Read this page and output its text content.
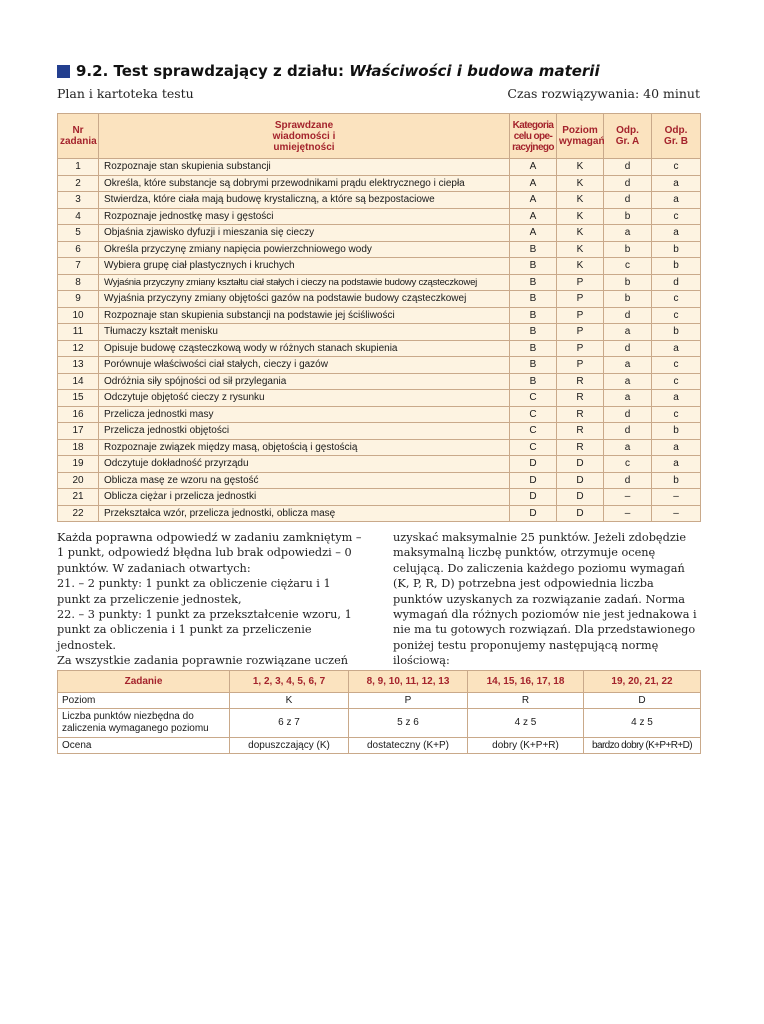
9.2. Test sprawdzający z działu: Właściwości i budowa materii
Plan i kartoteka testu	Czas rozwiązywania: 40 minut
Nr zadania	Sprawdzane wiadomości i umiejętności	Kategoria celu ope-racyjnego	Poziom wymagań	Odp. Gr. A	Odp. Gr. B
1	Rozpoznaje stan skupienia substancji	A	K	d	c
2	Określa, które substancje są dobrymi przewodnikami prądu elektrycznego i ciepła	A	K	d	a
3	Stwierdza, które ciała mają budowę krystaliczną, a które są bezpostaciowe	A	K	d	a
4	Rozpoznaje jednostkę masy i gęstości	A	K	b	c
5	Objaśnia zjawisko dyfuzji i mieszania się cieczy	A	K	a	a
6	Określa przyczynę zmiany napięcia powierzchniowego wody	B	K	b	b
7	Wybiera grupę ciał plastycznych i kruchych	B	K	c	b
8	Wyjaśnia przyczyny zmiany kształtu ciał stałych i cieczy na podstawie budowy cząsteczkowej	B	P	b	d
9	Wyjaśnia przyczyny zmiany objętości gazów na podstawie budowy cząsteczkowej	B	P	b	c
10	Rozpoznaje stan skupienia substancji na podstawie jej ściśliwości	B	P	d	c
11	Tłumaczy kształt menisku	B	P	a	b
12	Opisuje budowę cząsteczkową wody w różnych stanach skupienia	B	P	d	a
13	Porównuje właściwości ciał stałych, cieczy i gazów	B	P	a	c
14	Odróżnia siły spójności od sił przylegania	B	R	a	c
15	Odczytuje objętość cieczy z rysunku	C	R	a	a
16	Przelicza jednostki masy	C	R	d	c
17	Przelicza jednostki objętości	C	R	d	b
18	Rozpoznaje związek między masą, objętością i gęstością	C	R	a	a
19	Odczytuje dokładność przyrządu	D	D	c	a
20	Oblicza masę ze wzoru na gęstość	D	D	d	b
21	Oblicza ciężar i przelicza jednostki	D	D	–	–
22	Przekształca wzór, przelicza jednostki, oblicza masę	D	D	–	–

Każda poprawna odpowiedź w zadaniu zamkniętym – 1 punkt, odpowiedź błędna lub brak odpowiedzi – 0 punktów. W zadaniach otwartych:

21. – 2 punkty: 1 punkt za obliczenie ciężaru i 1 punkt za przeliczenie jednostek,

22. – 3 punkty: 1 punkt za przekształcenie wzoru, 1 punkt za obliczenia i 1 punkt za przeliczenie jednostek.

Za wszystkie zadania poprawnie rozwiązane uczeń

uzyskać maksymalnie 25 punktów. Jeżeli zdobędzie maksymalną liczbę punktów, otrzymuje ocenę celującą. Do zaliczenia każdego poziomu wymagań (K, P, R, D) potrzebna jest odpowiednia liczba punktów uzyskanych za rozwiązanie zadań. Norma wymagań dla różnych poziomów nie jest jednakowa i nie ma tu gotowych rozwiązań. Dla przedstawionego poniżej testu proponujemy następującą normę ilościową:

Zadanie	1, 2, 3, 4, 5, 6, 7	8, 9, 10, 11, 12, 13	14, 15, 16, 17, 18	19, 20, 21, 22
Poziom	K	P	R	D
Liczba punktów niezbędna do zaliczenia wymaganego poziomu	6 z 7	5 z 6	4 z 5	4 z 5
Ocena	dopuszczający (K)	dostateczny (K+P)	dobry (K+P+R)	bardzo dobry (K+P+R+D)
